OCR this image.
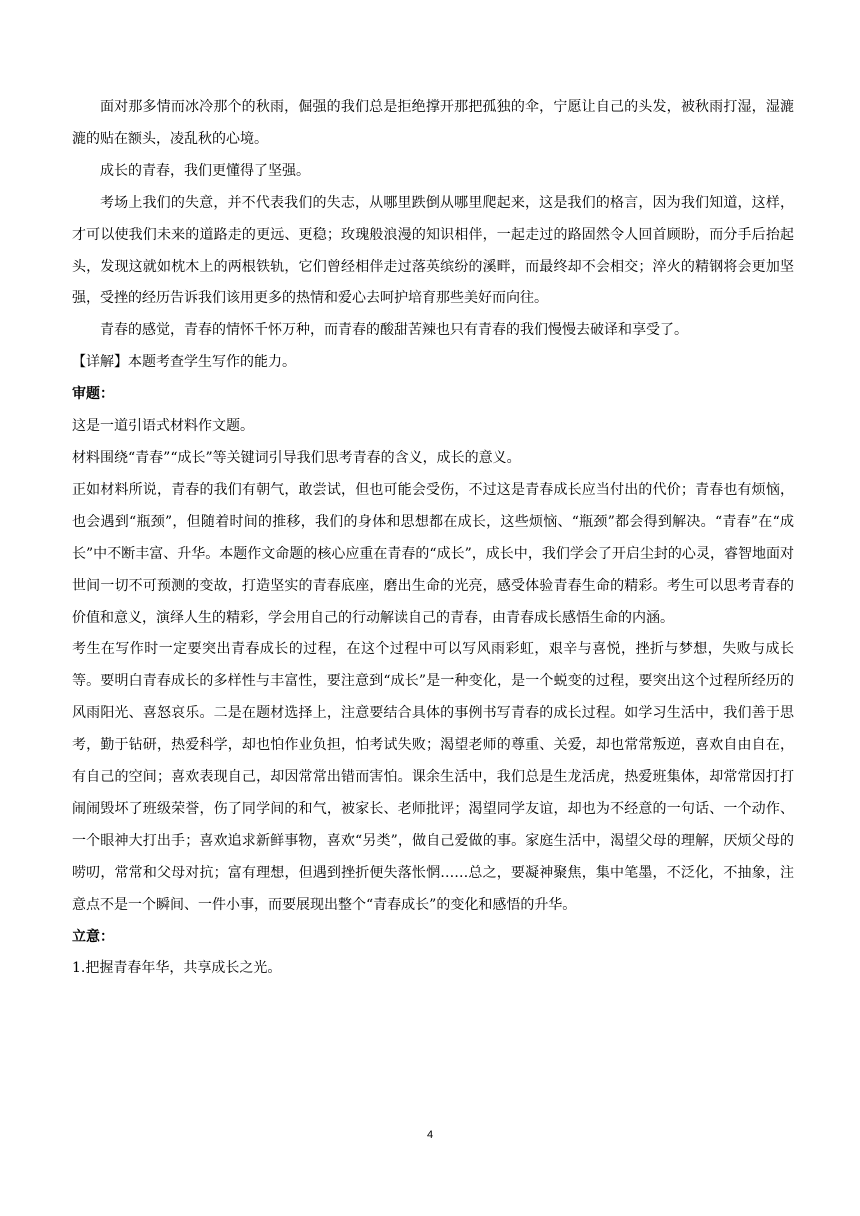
面对那多情而冰冷那个的秋雨，倔强的我们总是拒绝撑开那把孤独的伞，宁愿让自己的头发，被秋雨打湿，湿漉漉的贴在额头，凌乱秋的心境。

成长的青春，我们更懂得了坚强。

考场上我们的失意，并不代表我们的失志，从哪里跌倒从哪里爬起来，这是我们的格言，因为我们知道，这样，才可以使我们未来的道路走的更远、更稳；玫瑰般浪漫的知识相伴，一起走过的路固然令人回首顾盼，而分手后抬起头，发现这就如枕木上的两根铁轨，它们曾经相伴走过落英缤纷的溪畔，而最终却不会相交；淬火的精钢将会更加坚强，受挫的经历告诉我们该用更多的热情和爱心去呵护培育那些美好而向往。

青春的感觉，青春的情怀千怀万种，而青春的酸甜苦辣也只有青春的我们慢慢去破译和享受了。

【详解】本题考查学生写作的能力。

审题：

这是一道引语式材料作文题。

材料围绕“青春”“成长”等关键词引导我们思考青春的含义，成长的意义。

正如材料所说，青春的我们有朝气，敢尝试，但也可能会受伤，不过这是青春成长应当付出的代价；青春也有烦恼，也会遇到“瓶颈”，但随着时间的推移，我们的身体和思想都在成长，这些烦恼、“瓶颈”都会得到解决。“青春”在“成长”中不断丰富、升华。本题作文命题的核心应重在青春的“成长”，成长中，我们学会了开启尘封的心灵，睿智地面对世间一切不可预测的变故，打造坚实的青春底座，磨出生命的光亮，感受体验青春生命的精彩。考生可以思考青春的价值和意义，演绎人生的精彩，学会用自己的行动解读自己的青春，由青春成长感悟生命的内涵。

考生在写作时一定要突出青春成长的过程，在这个过程中可以写风雨彩虹，艰辛与喜悦，挫折与梦想，失败与成长等。要明白青春成长的多样性与丰富性，要注意到“成长”是一种变化，是一个蜕变的过程，要突出这个过程所经历的风雨阳光、喜怒哀乐。二是在题材选择上，注意要结合具体的事例书写青春的成长过程。如学习生活中，我们善于思考，勤于钻研，热爱科学，却也怕作业负担，怕考试失败；渴望老师的尊重、关爱，却也常常叛逆，喜欢自由自在，有自己的空间；喜欢表现自己，却因常常出错而害怕。课余生活中，我们总是生龙活虎，热爱班集体，却常常因打打闹闹毁坏了班级荣誉，伤了同学间的和气，被家长、老师批评；渴望同学友谊，却也为不经意的一句话、一个动作、一个眼神大打出手；喜欢追求新鲜事物，喜欢“另类”，做自己爱做的事。家庭生活中，渴望父母的理解，厌烦父母的唠叨，常常和父母对抗；富有理想，但遇到挫折便失落怅惘……总之，要凝神聚焦，集中笔墨，不泛化，不抽象，注意点不是一个瞬间、一件小事，而要展现出整个“青春成长”的变化和感悟的升华。

立意：

1.把握青春年华，共享成长之光。

4
